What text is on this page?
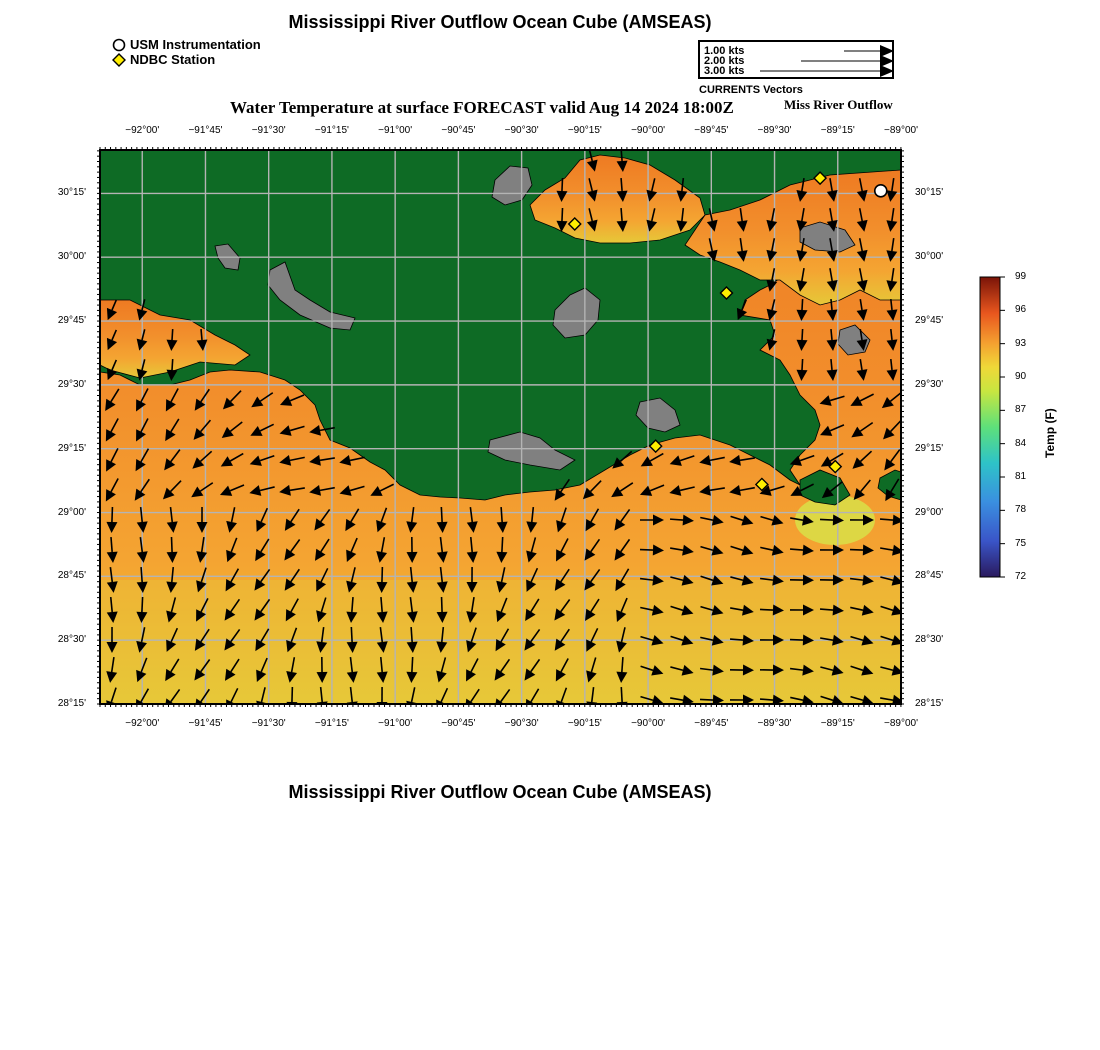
Mississippi River Outflow Ocean Cube (AMSEAS)
USM Instrumentation
NDBC Station
1.00 kts
2.00 kts
3.00 kts
CURRENTS Vectors
Water Temperature at surface FORECAST valid Aug 14 2024 18:00Z	Miss River Outflow
−92°00'	−91°45'	−91°30'	−91°15'	−91°00'	−90°45'	−90°30'	−90°15'	−90°00'	−89°45'	−89°30'	−89°15'	−89°00'
−92°00'	−91°45'	−91°30'	−91°15'	−91°00'	−90°45'	−90°30'	−90°15'	−90°00'	−89°45'	−89°30'	−89°15'	−89°00'
30°15'
30°00'
29°45'
29°30'
29°15'
29°00'
28°45'
28°30'
28°15'
30°15'
30°00'
29°45'
29°30'
29°15'
29°00'
28°45'
28°30'
28°15'
99
96
93
90
87
84
81
78
75
72
Temp (F)
Mississippi River Outflow Ocean Cube (AMSEAS)
